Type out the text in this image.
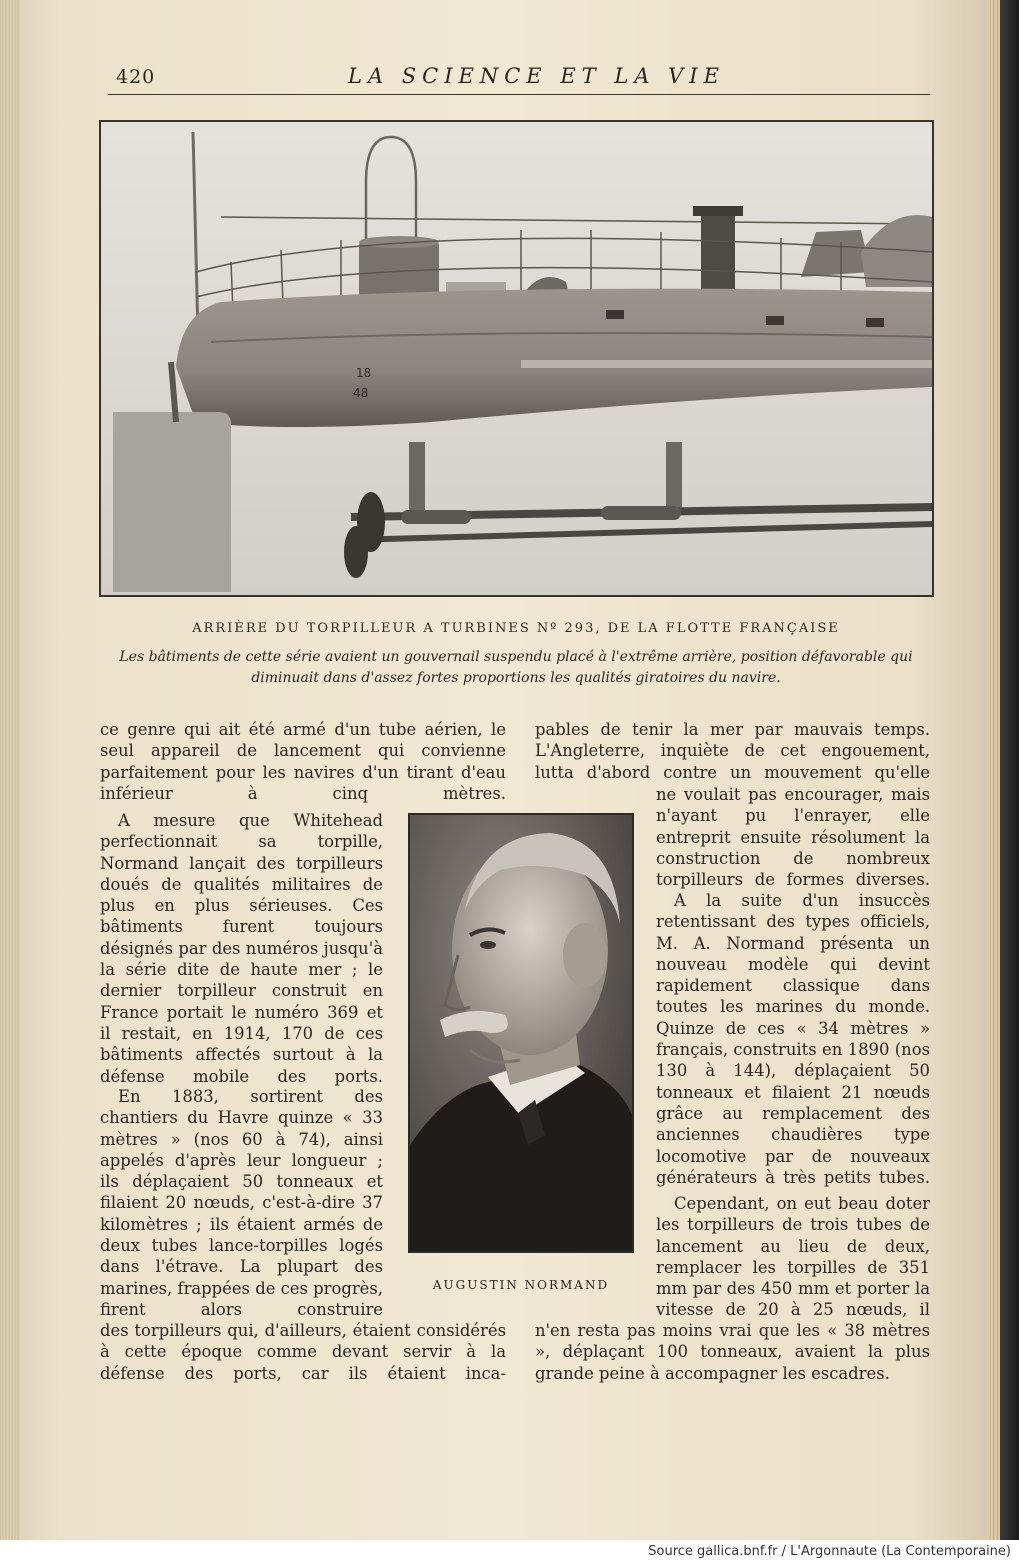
420	LA SCIENCE ET LA VIE
18
48
ARRIÈRE DU TORPILLEUR A TURBINES Nº 293, DE LA FLOTTE FRANÇAISE
Les bâtiments de cette série avaient un gouvernail suspendu placé à l'extrême arrière, position défavorable qui diminuait dans d'assez fortes proportions les qualités giratoires du navire.

ce genre qui ait été armé d'un tube aérien, le seul appareil de lancement qui convienne parfaitement pour les navires d'un tirant d'eau inférieur à cinq mètres.

A mesure que Whitehead perfectionnait sa torpille, Normand lançait des torpilleurs doués de qualités militaires de plus en plus sérieuses. Ces bâtiments furent toujours désignés par des numéros jusqu'à la série dite de haute mer ; le dernier torpilleur construit en France portait le numéro 369 et il restait, en 1914, 170 de ces bâtiments affectés surtout à la défense mobile des ports.

En 1883, sortirent des chantiers du Havre quinze « 33 mètres » (nos 60 à 74), ainsi appelés d'après leur longueur ; ils déplaçaient 50 tonneaux et filaient 20 nœuds, c'est-à-dire 37 kilomètres ; ils étaient armés de deux tubes lance-torpilles logés dans l'étrave. La plupart des marines, frappées de ces progrès, firent alors construire

des torpilleurs qui, d'ailleurs, étaient considérés à cette époque comme devant servir à la défense des ports, car ils étaient inca-

pables de tenir la mer par mauvais temps. L'Angleterre, inquiète de cet engouement, lutta d'abord contre un mouvement qu'elle

ne voulait pas encourager, mais n'ayant pu l'enrayer, elle entreprit ensuite résolument la construction de nombreux torpilleurs de formes diverses.

A la suite d'un insuccès retentissant des types officiels, M. A. Normand présenta un nouveau modèle qui devint rapidement classique dans toutes les marines du monde. Quinze de ces « 34 mètres » français, construits en 1890 (nos 130 à 144), déplaçaient 50 tonneaux et filaient 21 nœuds grâce au remplacement des anciennes chaudières type locomotive par de nouveaux générateurs à très petits tubes.

Cependant, on eut beau doter les torpilleurs de trois tubes de lancement au lieu de deux, remplacer les torpilles de 351 mm par des 450 mm et porter la vitesse de 20 à 25 nœuds, il

n'en resta pas moins vrai que les « 38 mètres », déplaçant 100 tonneaux, avaient la plus grande peine à accompagner les escadres.

AUGUSTIN NORMAND
Source gallica.bnf.fr / L'Argonnaute (La Contemporaine)
